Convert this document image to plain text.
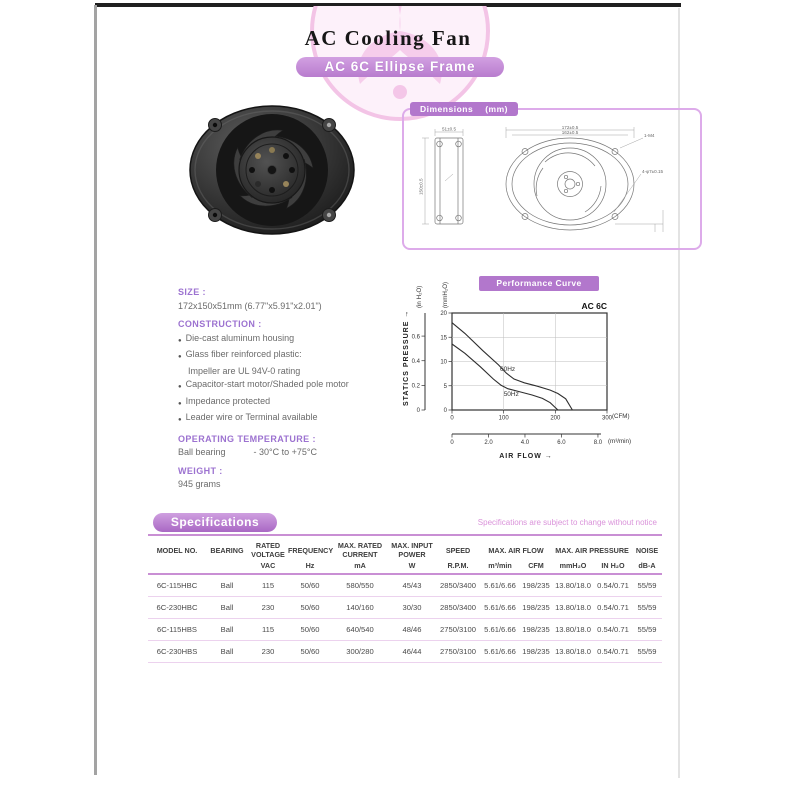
AC Cooling Fan
AC 6C Ellipse Frame
Dimensions (mm)
51±0.5
150±0.5
172±0.5
162±0.5
1-M4
4-φ7±0.15
SIZE :
172x150x51mm (6.77"x5.91"x2.01")
CONSTRUCTION :
● Die-cast aluminum housing
● Glass fiber reinforced plastic:
Impeller are UL 94V-0 rating
● Capacitor-start motor/Shaded pole motor
● Impedance protected
● Leader wire or Terminal available
OPERATING TEMPERATURE :
Ball bearing	- 30°C to +75°C
WEIGHT :
945 grams
Performance Curve
(mmH₂O)
(in H₂O)
(CFM)
(m³/min)
STATICS PRESSURE →
AIR FLOW →
AC 6C
0	100	200	300
0	2.0	4.0	6.0	8.0
0
5
10
15
20
0
0.2
0.4
0.6
60Hz
50Hz
Specifications	Specifications are subject to change without notice
MODEL NO.	BEARING	RATED VOLTAGE	FREQUENCY	MAX. RATED CURRENT	MAX. INPUT POWER	SPEED	MAX. AIR FLOW		MAX. AIR PRESSURE		NOISE
		VAC	Hz	mA	W	R.P.M.	m³/min	CFM	mmH₂O	IN H₂O	dB-A
6C-115HBC	Ball	115	50/60	580/550	45/43	2850/3400	5.61/6.66	198/235	13.80/18.0	0.54/0.71	55/59
6C-230HBC	Ball	230	50/60	140/160	30/30	2850/3400	5.61/6.66	198/235	13.80/18.0	0.54/0.71	55/59
6C-115HBS	Ball	115	50/60	640/540	48/46	2750/3100	5.61/6.66	198/235	13.80/18.0	0.54/0.71	55/59
6C-230HBS	Ball	230	50/60	300/280	46/44	2750/3100	5.61/6.66	198/235	13.80/18.0	0.54/0.71	55/59
